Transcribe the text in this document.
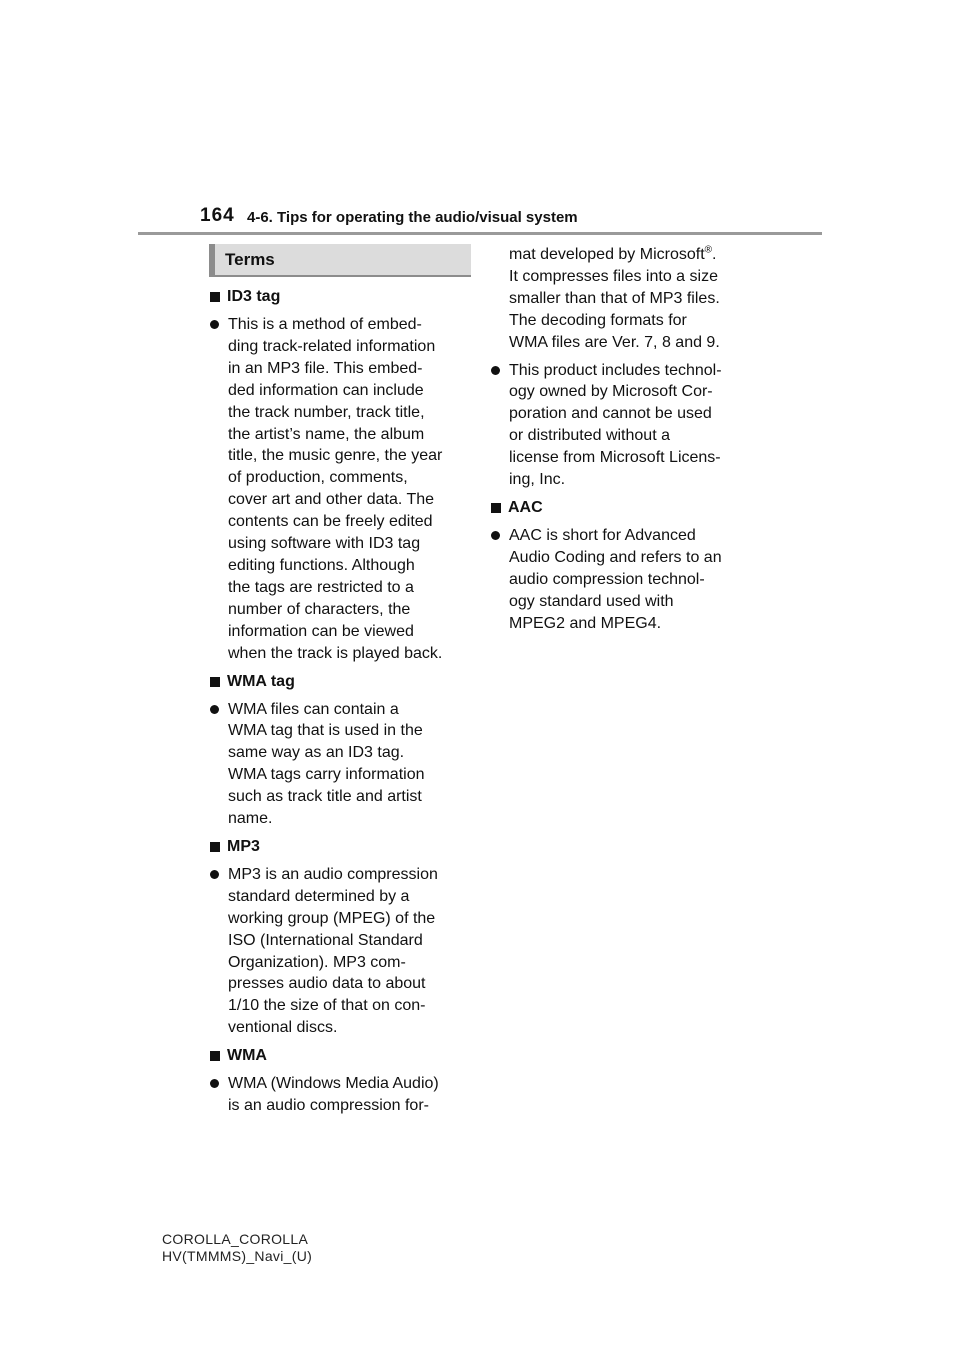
164 4-6. Tips for operating the audio/visual system
Terms
ID3 tag
This is a method of embed-
ding track-related information
in an MP3 file. This embed-
ded information can include
the track number, track title,
the artist’s name, the album
title, the music genre, the year
of production, comments,
cover art and other data. The
contents can be freely edited
using software with ID3 tag
editing functions. Although
the tags are restricted to a
number of characters, the
information can be viewed
when the track is played back.
WMA tag
WMA files can contain a
WMA tag that is used in the
same way as an ID3 tag.
WMA tags carry information
such as track title and artist
name.
MP3
MP3 is an audio compression
standard determined by a
working group (MPEG) of the
ISO (International Standard
Organization). MP3 com-
presses audio data to about
1/10 the size of that on con-
ventional discs.
WMA
WMA (Windows Media Audio)
is an audio compression for-
mat developed by Microsoft®.
It compresses files into a size
smaller than that of MP3 files.
The decoding formats for
WMA files are Ver. 7, 8 and 9.
This product includes technol-
ogy owned by Microsoft Cor-
poration and cannot be used
or distributed without a
license from Microsoft Licens-
ing, Inc.
AAC
AAC is short for Advanced
Audio Coding and refers to an
audio compression technol-
ogy standard used with
MPEG2 and MPEG4.
COROLLA_COROLLA
HV(TMMMS)_Navi_(U)
